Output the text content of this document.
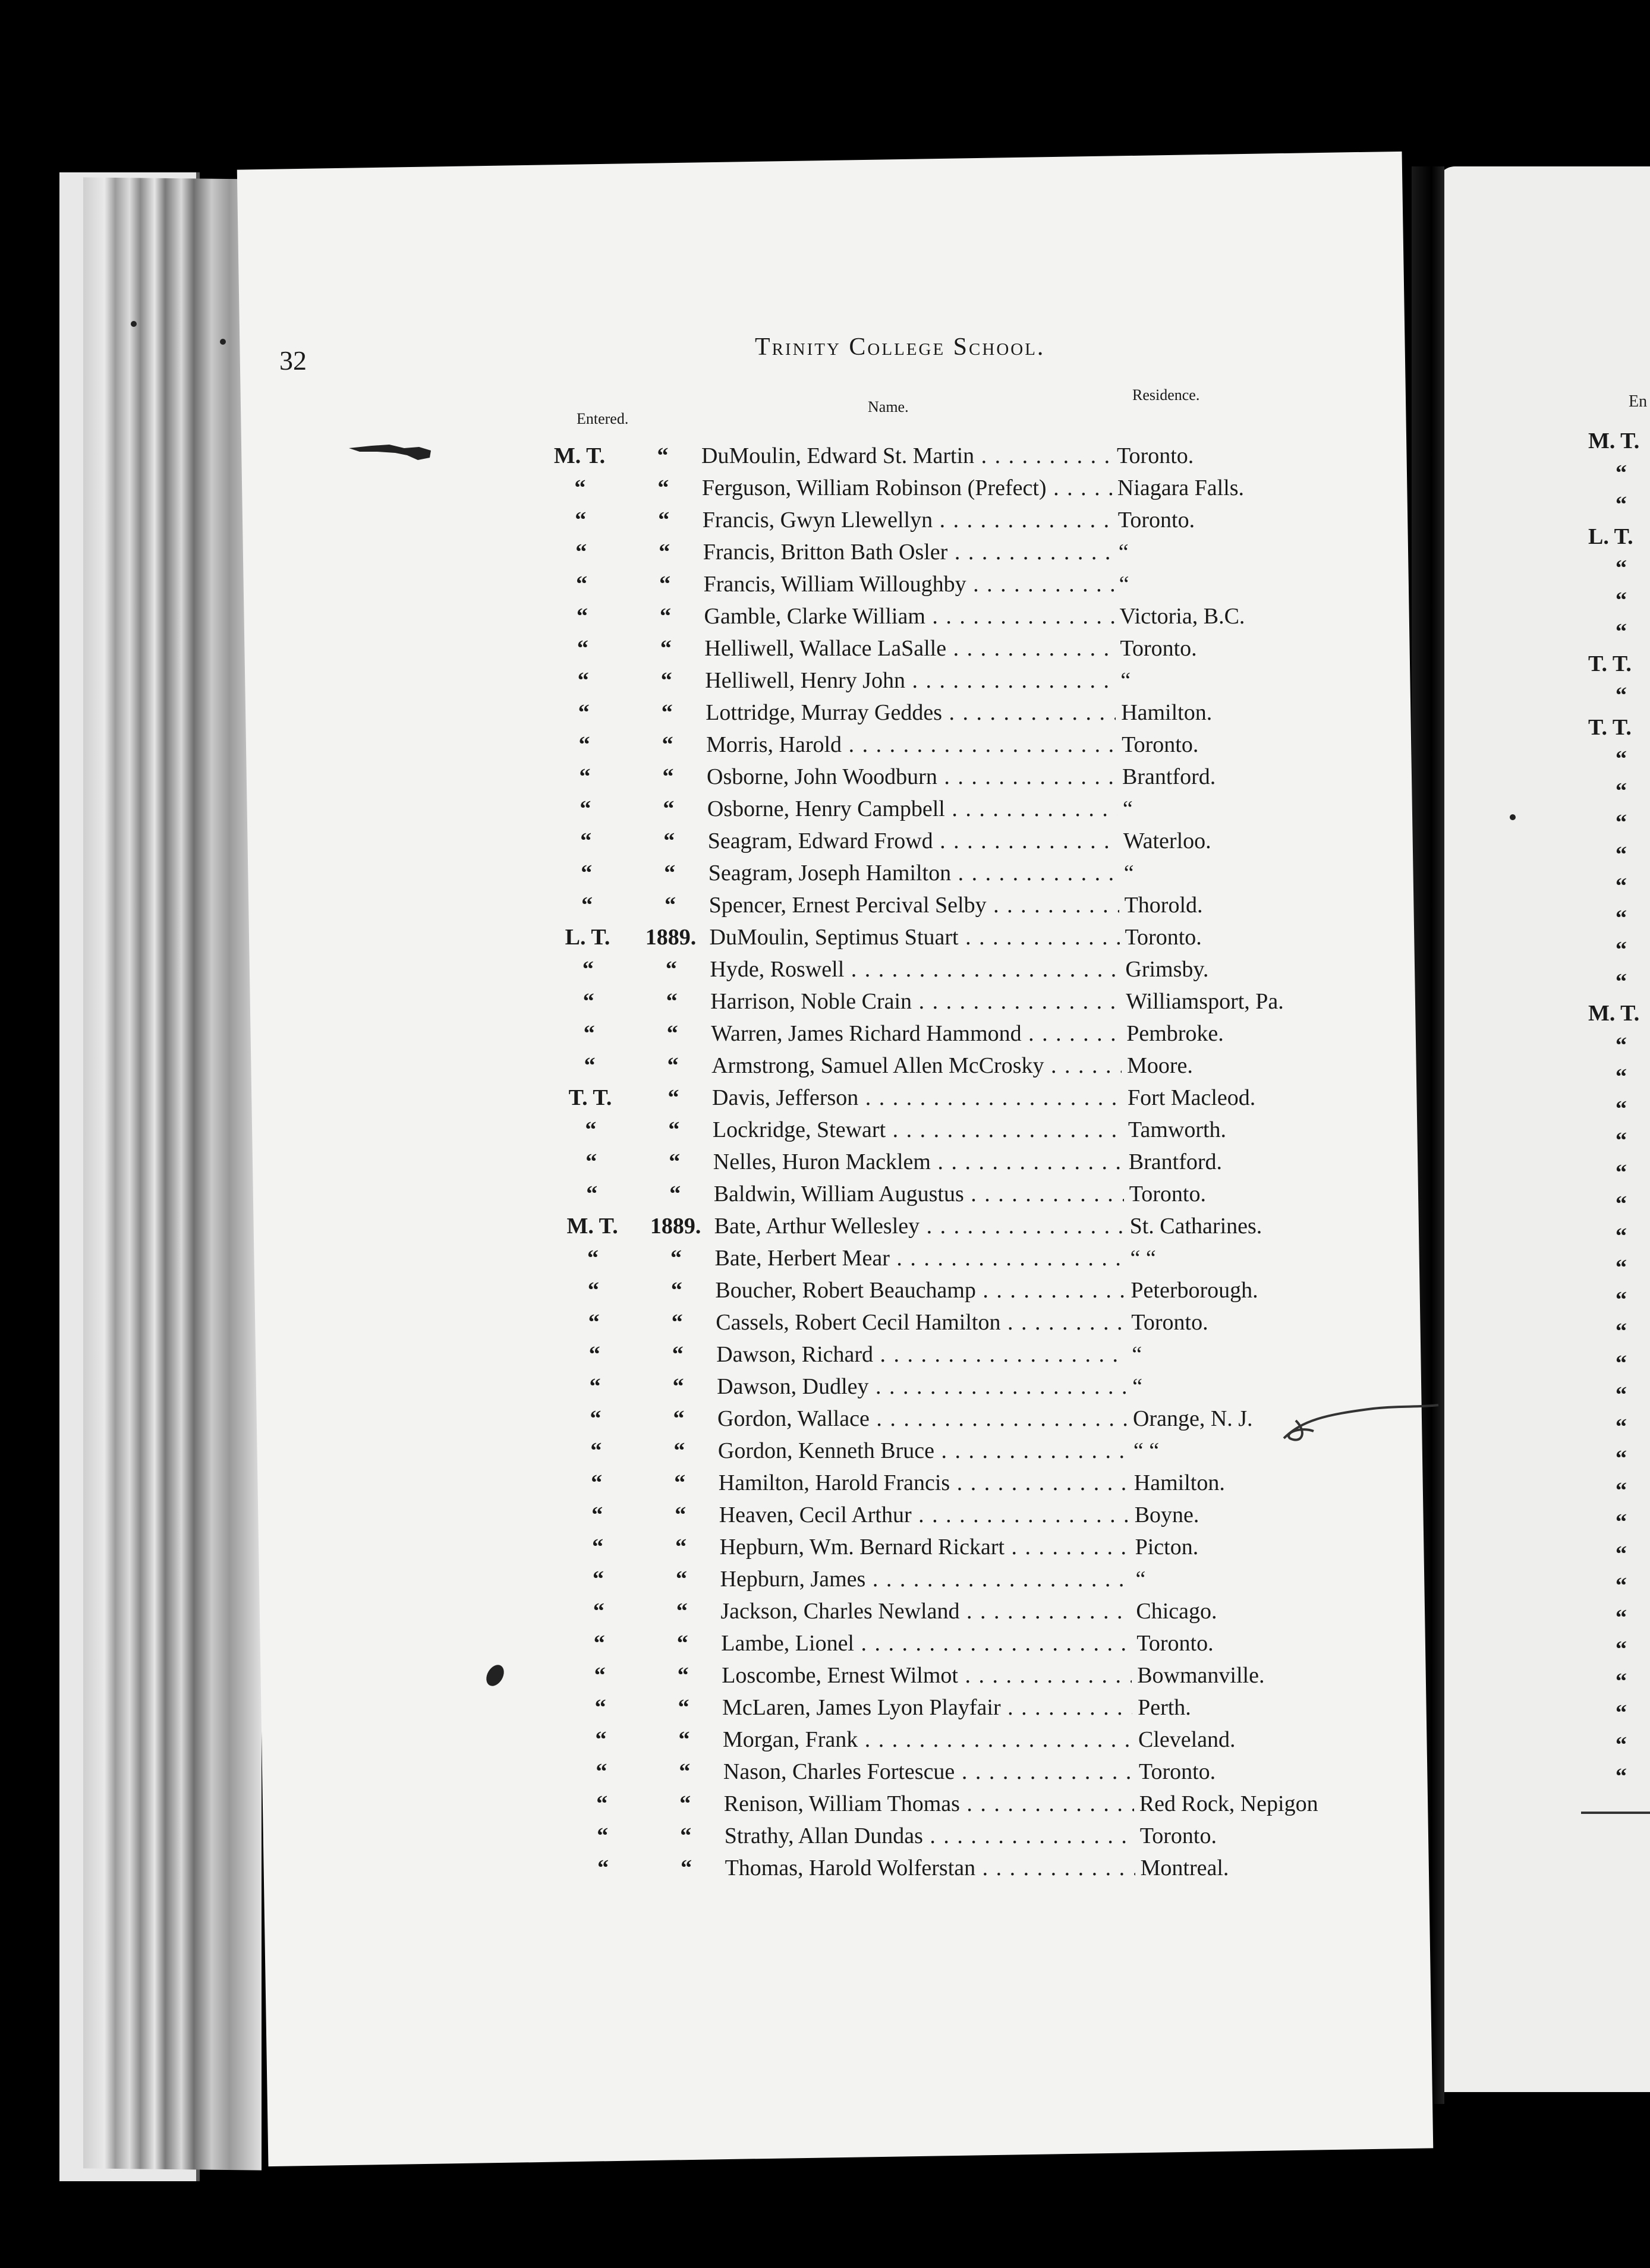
32	Trinity College School.
Entered.
Name.
Residence.
M. T.	“	DuMoulin, Edward St. Martin . . .	Toronto.
“	“	Ferguson, William Robinson (Prefect) . . .	Niagara Falls.
“	“	Francis, Gwyn Llewellyn . . .	Toronto.
“	“	Francis, Britton Bath Osler . . .	“
“	“	Francis, William Willoughby . . .	“
“	“	Gamble, Clarke William . . .	Victoria, B.C.
“	“	Helliwell, Wallace LaSalle . . .	Toronto.
“	“	Helliwell, Henry John . . .	“
“	“	Lottridge, Murray Geddes . . .	Hamilton.
“	“	Morris, Harold . . .	Toronto.
“	“	Osborne, John Woodburn . . .	Brantford.
“	“	Osborne, Henry Campbell . . .	“
“	“	Seagram, Edward Frowd . . .	Waterloo.
“	“	Seagram, Joseph Hamilton . . .	“
“	“	Spencer, Ernest Percival Selby . . .	Thorold.
L. T.	1889. DuMoulin, Septimus Stuart . . .	Toronto.
“	“	Hyde, Roswell . . .	Grimsby.
“	“	Harrison, Noble Crain . . .	Williamsport, Pa.
“	“	Warren, James Richard Hammond . . .	Pembroke.
“	“	Armstrong, Samuel Allen McCrosky . . .	Moore.
T. T.	“	Davis, Jefferson . . .	Fort Macleod.
“	“	Lockridge, Stewart . . .	Tamworth.
“	“	Nelles, Huron Macklem . . .	Brantford.
“	“	Baldwin, William Augustus . . .	Toronto.
M. T.	1889. Bate, Arthur Wellesley . . .	St. Catharines.
“	“	Bate, Herbert Mear . . .	“ “
“	“	Boucher, Robert Beauchamp . . .	Peterborough.
“	“	Cassels, Robert Cecil Hamilton . . .	Toronto.
“	“	Dawson, Richard . . .	“
“	“	Dawson, Dudley . . .	“
“	“	Gordon, Wallace . . .	Orange, N. J.
“	“	Gordon, Kenneth Bruce . . .	“ “
“	“	Hamilton, Harold Francis . . .	Hamilton.
“	“	Heaven, Cecil Arthur . . .	Boyne.
“	“	Hepburn, Wm. Bernard Rickart . . .	Picton.
“	“	Hepburn, James . . .	“
“	“	Jackson, Charles Newland . . .	Chicago.
“	“	Lambe, Lionel . . .	Toronto.
“	“	Loscombe, Ernest Wilmot . . .	Bowmanville.
“	“	McLaren, James Lyon Playfair . . .	Perth.
“	“	Morgan, Frank . . .	Cleveland.
“	“	Nason, Charles Fortescue . . .	Toronto.
“	“	Renison, William Thomas . . .	Red Rock, Nepigon
“	“	Strathy, Allan Dundas . . .	Toronto.
“	“	Thomas, Harold Wolferstan . . .	Montreal.
En
M. T.
“
“
L. T.
“
“
“
T. T.
“
T. T.
“
“
“
“
“
“
“
“
M. T.
“
“
“
“
“
“
“
“
“
“
“
“
“
“
“
“
“
“
“
“
“
“
“
“
